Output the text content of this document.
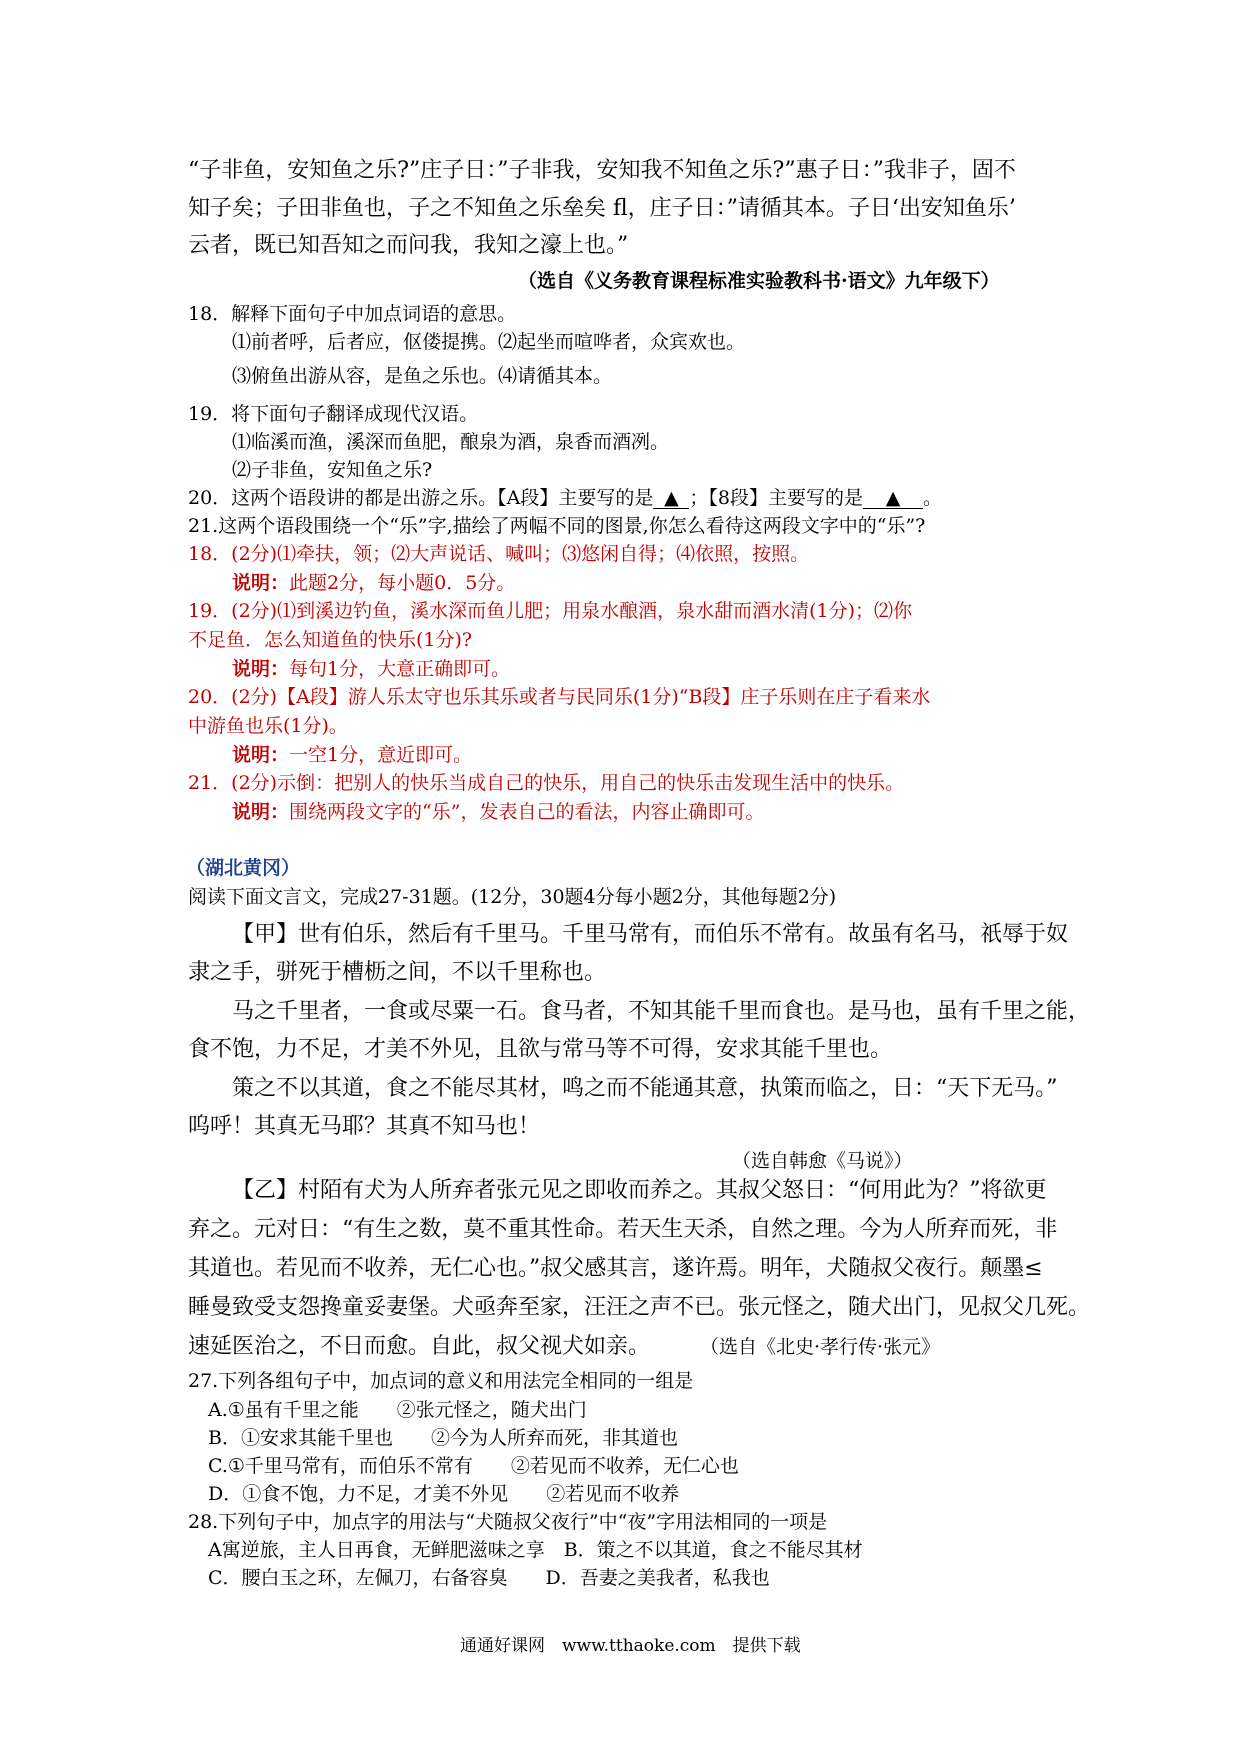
“子非鱼，安知鱼之乐?”庄子日：”子非我，安知我不知鱼之乐?”惠子日：”我非子，固不
知子矣；子田非鱼也，子之不知鱼之乐垒矣 fl，庄子日：”请循其本。子日‘出安知鱼乐’
云者，既已知吾知之而问我，我知之濠上也。”
（选自《义务教育课程标准实验教科书·语文》九年级下）
18．解释下面句子中加点词语的意思。
⑴前者呼，后者应，伛偻提携。⑵起坐而喧哗者，众宾欢也。
⑶俯鱼出游从容，是鱼之乐也。⑷请循其本。
19．将下面句子翻译成现代汉语。
⑴临溪而渔，溪深而鱼肥，酿泉为酒，泉香而酒冽。
⑵子非鱼，安知鱼之乐?
20．这两个语段讲的都是出游之乐。【A段】主要写的是 ▲ ；【8段】主要写的是 ▲ 。
21.这两个语段围绕一个“乐”字,描绘了两幅不同的图景,你怎么看待这两段文字中的“乐”?
18．(2分)⑴牵扶，领；⑵大声说话、喊叫；⑶悠闲自得；⑷依照，按照。
说明：此题2分，每小题0．5分。
19．(2分)⑴到溪边钓鱼，溪水深而鱼儿肥；用泉水酿酒，泉水甜而酒水清(1分)；⑵你
不足鱼．怎么知道鱼的快乐(1分)?
说明：每句1分，大意正确即可。
20．(2分)【A段】游人乐太守也乐其乐或者与民同乐(1分)“B段】庄子乐则在庄子看来水
中游鱼也乐(1分)。
说明：一空1分，意近即可。
21．(2分)示倒：把别人的快乐当成自己的快乐，用自己的快乐击发现生活中的快乐。
说明：围绕两段文字的“乐”，发表自己的看法，内容止确即可。
（湖北黄冈）
阅读下面文言文，完成27-31题。(12分，30题4分每小题2分，其他每题2分)
【甲】世有伯乐，然后有千里马。千里马常有，而伯乐不常有。故虽有名马，祇辱于奴
隶之手，骈死于槽枥之间，不以千里称也。
马之千里者，一食或尽粟一石。食马者，不知其能千里而食也。是马也，虽有千里之能，
食不饱，力不足，才美不外见，且欲与常马等不可得，安求其能千里也。
策之不以其道，食之不能尽其材，鸣之而不能通其意，执策而临之，日：“天下无马。”
呜呼！其真无马耶？其真不知马也！
（选自韩愈《马说》）
【乙】村陌有犬为人所弃者张元见之即收而养之。其叔父怒日：“何用此为？”将欲更
弃之。元对日：“有生之数，莫不重其性命。若天生天杀，自然之理。今为人所弃而死，非
其道也。若见而不收养，无仁心也。”叔父感其言，遂许焉。明年，犬随叔父夜行。颠墨≤
睡曼致受支怨搀童妥妻堡。犬亟奔至家，汪汪之声不已。张元怪之，随犬出门，见叔父几死。
速延医治之，不日而愈。自此，叔父视犬如亲。	（选自《北史·孝行传·张元》
27.下列各组句子中，加点词的意义和用法完全相同的一组是
A.①虽有千里之能　　②张元怪之，随犬出门
B．①安求其能千里也　　②今为人所弃而死，非其道也
C.①千里马常有，而伯乐不常有　　②若见而不收养，无仁心也
D．①食不饱，力不足，才美不外见　　②若见而不收养
28.下列句子中，加点字的用法与“犬随叔父夜行”中“夜”字用法相同的一项是
A寓逆旅，主人日再食，无鲜肥滋味之享　B．策之不以其道，食之不能尽其材
C．腰白玉之环，左佩刀，右备容臭　　D．吾妻之美我者，私我也
通通好课网　www.tthaoke.com　提供下载
